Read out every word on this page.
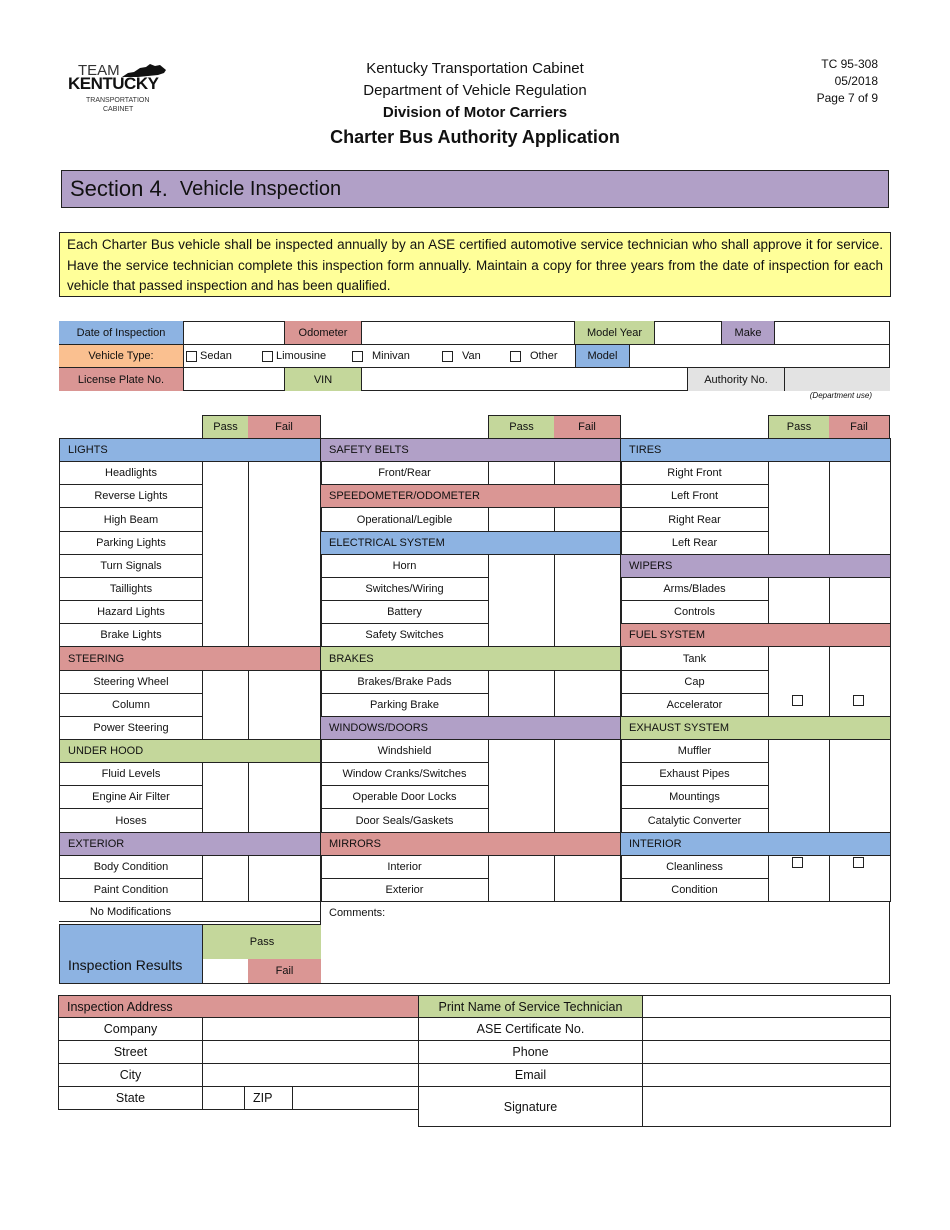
TEAM
KENTUCKY
TRANSPORTATION
CABINET
Kentucky Transportation Cabinet
Department of Vehicle Regulation
Division of Motor Carriers
Charter Bus Authority Application
TC 95-308
05/2018
Page 7 of 9
Section 4. Vehicle Inspection
Each Charter Bus vehicle shall be inspected annually by an ASE certified automotive service technician who shall approve it for service. Have the service technician complete this inspection form annually. Maintain a copy for three years from the date of inspection for each vehicle that passed inspection and has been qualified.
Date of Inspection	Odometer	Model Year	Make
Vehicle Type:	Sedan	Limousine	Minivan	Van	Other	Model
License Plate No.	VIN	Authority No.
(Department use)
Pass	Fail
LIGHTS
Headlights
Reverse Lights
High Beam
Parking Lights
Turn Signals
Taillights
Hazard Lights
Brake Lights
STEERING
Steering Wheel
Column
Power Steering
UNDER HOOD
Fluid Levels
Engine Air Filter
Hoses
EXTERIOR
Body Condition
Paint Condition
Pass	Fail
SAFETY BELTS
Front/Rear
SPEEDOMETER/ODOMETER
Operational/Legible
ELECTRICAL SYSTEM
Horn
Switches/Wiring
Battery
Safety Switches
BRAKES
Brakes/Brake Pads
Parking Brake
WINDOWS/DOORS
Windshield
Window Cranks/Switches
Operable Door Locks
Door Seals/Gaskets
MIRRORS
Interior
Exterior
Pass	Fail
TIRES
Right Front
Left Front
Right Rear
Left Rear
WIPERS
Arms/Blades
Controls
FUEL SYSTEM
Tank
Cap
Accelerator
EXHAUST SYSTEM
Muffler
Exhaust Pipes
Mountings
Catalytic Converter
INTERIOR
Cleanliness
Condition
No Modifications	Comments:
Inspection Results
Pass
Fail
Inspection Address
Company
Street
City
State	ZIP
Print Name of Service Technician
ASE Certificate No.
Phone
Email
Signature
